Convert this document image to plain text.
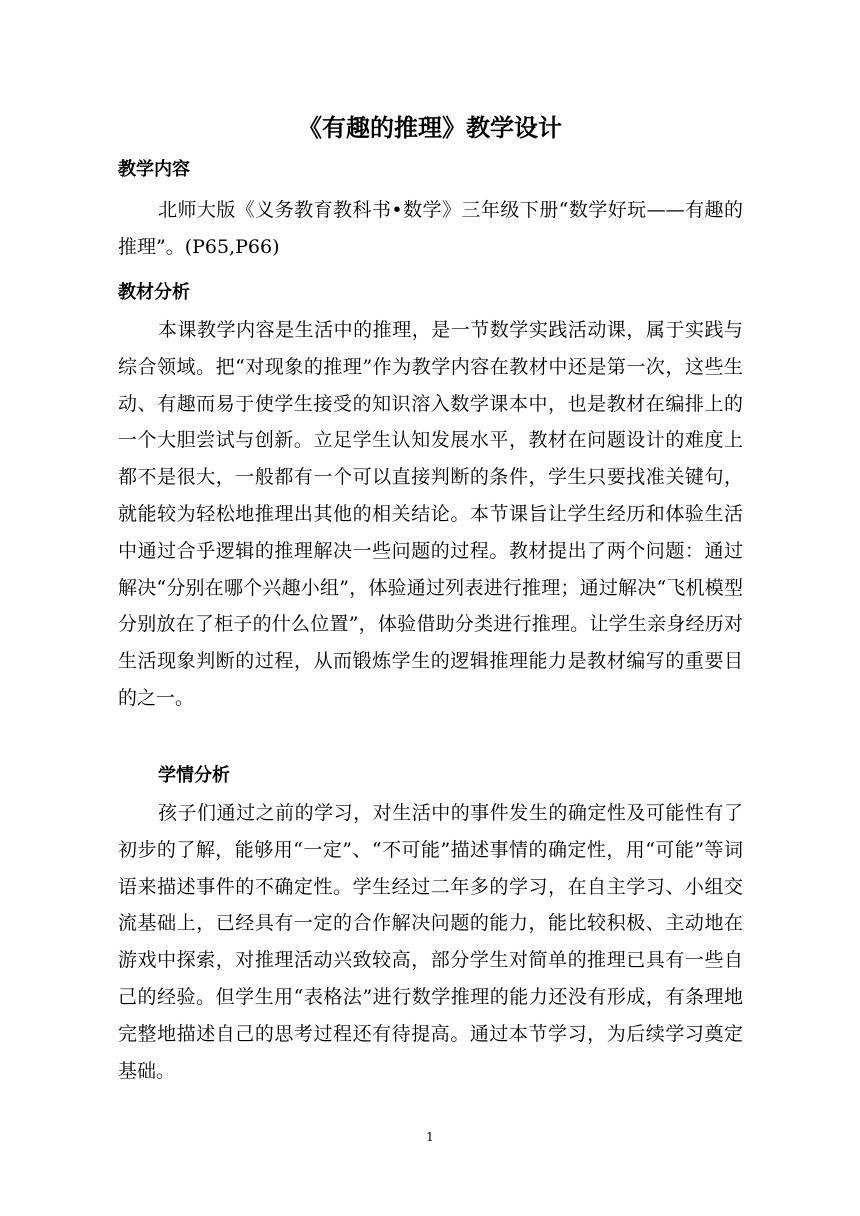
《有趣的推理》教学设计
教学内容

北师大版《义务教育教科书•数学》三年级下册“数学好玩——有趣的推理”。(P65,P66)

教材分析

本课教学内容是生活中的推理，是一节数学实践活动课，属于实践与综合领域。把“对现象的推理”作为教学内容在教材中还是第一次，这些生动、有趣而易于使学生接受的知识溶入数学课本中，也是教材在编排上的一个大胆尝试与创新。立足学生认知发展水平，教材在问题设计的难度上都不是很大，一般都有一个可以直接判断的条件，学生只要找准关键句，就能较为轻松地推理出其他的相关结论。本节课旨让学生经历和体验生活中通过合乎逻辑的推理解决一些问题的过程。教材提出了两个问题：通过解决“分别在哪个兴趣小组”，体验通过列表进行推理；通过解决“飞机模型分别放在了柜子的什么位置”，体验借助分类进行推理。让学生亲身经历对生活现象判断的过程，从而锻炼学生的逻辑推理能力是教材编写的重要目的之一。

学情分析

孩子们通过之前的学习，对生活中的事件发生的确定性及可能性有了初步的了解，能够用“一定”、“不可能”描述事情的确定性，用“可能”等词语来描述事件的不确定性。学生经过二年多的学习，在自主学习、小组交流基础上，已经具有一定的合作解决问题的能力，能比较积极、主动地在游戏中探索，对推理活动兴致较高，部分学生对简单的推理已具有一些自己的经验。但学生用“表格法”进行数学推理的能力还没有形成，有条理地完整地描述自己的思考过程还有待提高。通过本节学习，为后续学习奠定基础。

1
